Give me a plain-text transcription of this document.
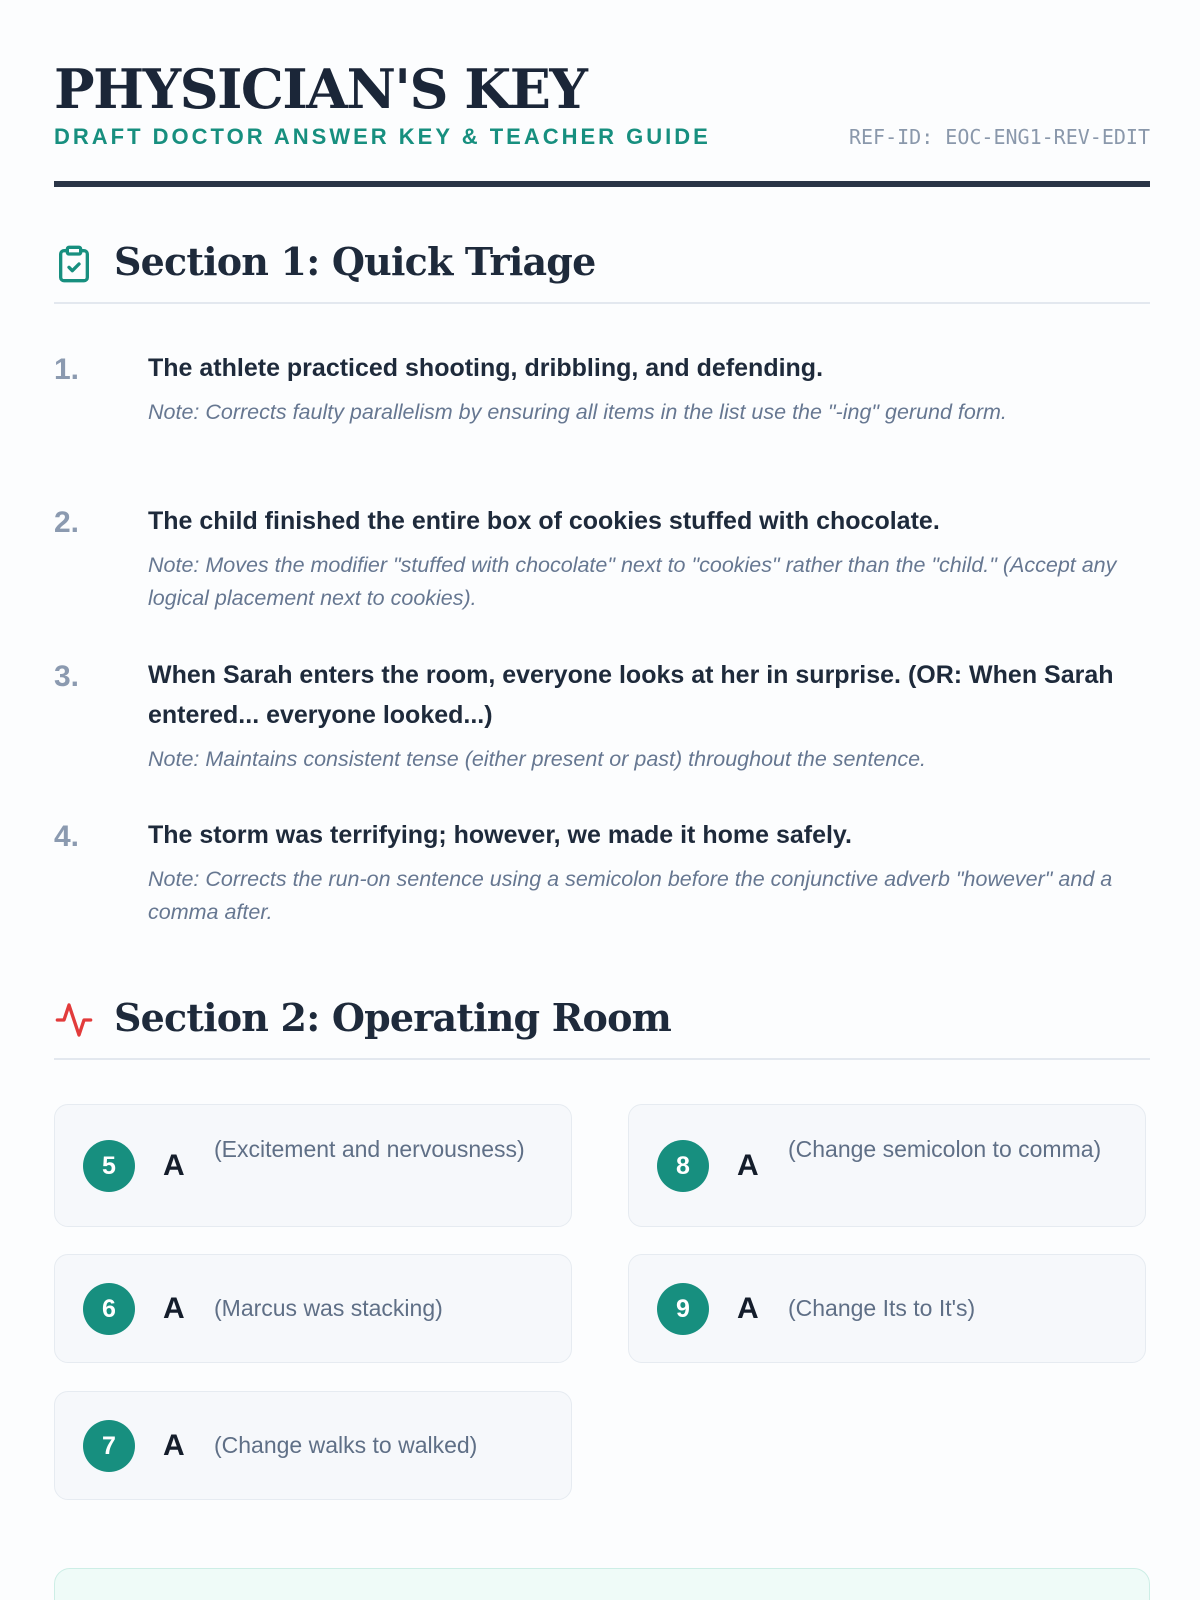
PHYSICIAN'S KEY
DRAFT DOCTOR ANSWER KEY & TEACHER GUIDE	REF-ID: EOC-ENG1-REV-EDIT
Section 1: Quick Triage
1.	The athlete practiced shooting, dribbling, and defending.
Note: Corrects faulty parallelism by ensuring all items in the list use the "-ing" gerund form.
2.	The child finished the entire box of cookies stuffed with chocolate.
Note: Moves the modifier "stuffed with chocolate" next to "cookies" rather than the "child." (Accept any logical placement next to cookies).
3.	When Sarah enters the room, everyone looks at her in surprise. (OR: When Sarah entered... everyone looked...)
Note: Maintains consistent tense (either present or past) throughout the sentence.
4.	The storm was terrifying; however, we made it home safely.
Note: Corrects the run-on sentence using a semicolon before the conjunctive adverb "however" and a comma after.
Section 2: Operating Room
5	A (Excitement and nervousness)
6	A (Marcus was stacking)
7	A (Change walks to walked)
8	A (Change semicolon to comma)
9	A (Change Its to It's)
